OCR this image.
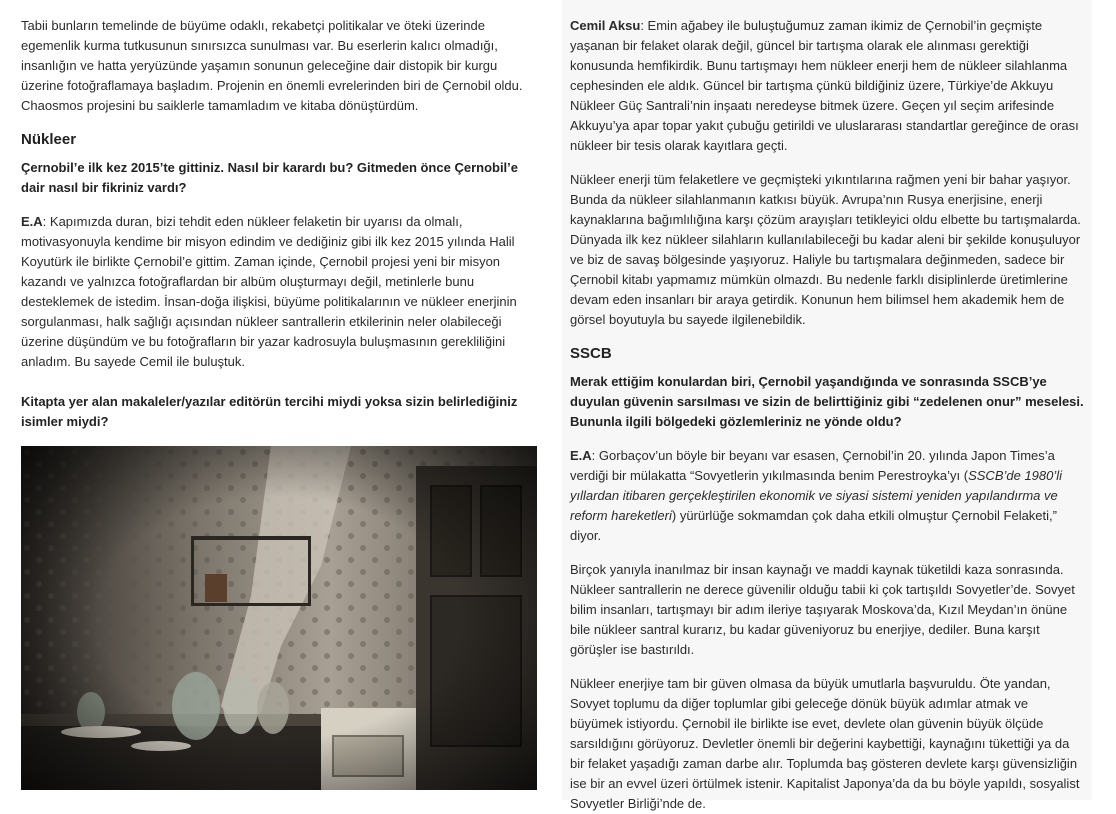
Tabii bunların temelinde de büyüme odaklı, rekabetçi politikalar ve öteki üzerinde egemenlik kurma tutkusunun sınırsızca sunulması var. Bu eserlerin kalıcı olmadığı, insanlığın ve hatta yeryüzünde yaşamın sonunun geleceğine dair distopik bir kurgu üzerine fotoğraflamaya başladım. Projenin en önemli evrelerinden biri de Çernobil oldu. Chaosmos projesini bu saiklerle tamamladım ve kitaba dönüştürdüm.

Nükleer

Çernobil’e ilk kez 2015’te gittiniz. Nasıl bir karardı bu? Gitmeden önce Çernobil’e dair nasıl bir fikriniz vardı?

E.A: Kapımızda duran, bizi tehdit eden nükleer felaketin bir uyarısı da olmalı, motivasyonuyla kendime bir misyon edindim ve dediğiniz gibi ilk kez 2015 yılında Halil Koyutürk ile birlikte Çernobil’e gittim. Zaman içinde, Çernobil projesi yeni bir misyon kazandı ve yalnızca fotoğraflardan bir albüm oluşturmayı değil, metinlerle bunu desteklemek de istedim. İnsan-doğa ilişkisi, büyüme politikalarının ve nükleer enerjinin sorgulanması, halk sağlığı açısından nükleer santrallerin etkilerinin neler olabileceği üzerine düşündüm ve bu fotoğrafların bir yazar kadrosuyla buluşmasının gerekliliğini anladım. Bu sayede Cemil ile buluştuk.

Kitapta yer alan makaleler/yazılar editörün tercihi miydi yoksa sizin belirlediğiniz isimler miydi?

Cemil Aksu: Emin ağabey ile buluştuğumuz zaman ikimiz de Çernobil’in geçmişte yaşanan bir felaket olarak değil, güncel bir tartışma olarak ele alınması gerektiği konusunda hemfikirdik. Bunu tartışmayı hem nükleer enerji hem de nükleer silahlanma cephesinden ele aldık. Güncel bir tartışma çünkü bildiğiniz üzere, Türkiye’de Akkuyu Nükleer Güç Santrali’nin inşaatı neredeyse bitmek üzere. Geçen yıl seçim arifesinde Akkuyu’ya apar topar yakıt çubuğu getirildi ve uluslararası standartlar gereğince de orası nükleer bir tesis olarak kayıtlara geçti.

Nükleer enerji tüm felaketlere ve geçmişteki yıkıntılarına rağmen yeni bir bahar yaşıyor. Bunda da nükleer silahlanmanın katkısı büyük. Avrupa’nın Rusya enerjisine, enerji kaynaklarına bağımlılığına karşı çözüm arayışları tetikleyici oldu elbette bu tartışmalarda. Dünyada ilk kez nükleer silahların kullanılabileceği bu kadar aleni bir şekilde konuşuluyor ve biz de savaş bölgesinde yaşıyoruz. Haliyle bu tartışmalara değinmeden, sadece bir Çernobil kitabı yapmamız mümkün olmazdı. Bu nedenle farklı disiplinlerde üretimlerine devam eden insanları bir araya getirdik. Konunun hem bilimsel hem akademik hem de görsel boyutuyla bu sayede ilgilenebildik.

SSCB

Merak ettiğim konulardan biri, Çernobil yaşandığında ve sonrasında SSCB’ye duyulan güvenin sarsılması ve sizin de belirttiğiniz gibi “zedelenen onur” meselesi. Bununla ilgili bölgedeki gözlemleriniz ne yönde oldu?

E.A: Gorbaçov’un böyle bir beyanı var esasen, Çernobil’in 20. yılında Japon Times’a verdiği bir mülakatta “Sovyetlerin yıkılmasında benim Perestroyka’yı (SSCB’de 1980’li yıllardan itibaren gerçekleştirilen ekonomik ve siyasi sistemi yeniden yapılandırma ve reform hareketleri) yürürlüğe sokmamdan çok daha etkili olmuştur Çernobil Felaketi,” diyor.

Birçok yanıyla inanılmaz bir insan kaynağı ve maddi kaynak tüketildi kaza sonrasında. Nükleer santrallerin ne derece güvenilir olduğu tabii ki çok tartışıldı Sovyetler’de. Sovyet bilim insanları, tartışmayı bir adım ileriye taşıyarak Moskova’da, Kızıl Meydan’ın önüne bile nükleer santral kurarız, bu kadar güveniyoruz bu enerjiye, dediler. Buna karşıt görüşler ise bastırıldı.

Nükleer enerjiye tam bir güven olmasa da büyük umutlarla başvuruldu. Öte yandan, Sovyet toplumu da diğer toplumlar gibi geleceğe dönük büyük adımlar atmak ve büyümek istiyordu. Çernobil ile birlikte ise evet, devlete olan güvenin büyük ölçüde sarsıldığını görüyoruz. Devletler önemli bir değerini kaybettiği, kaynağını tükettiği ya da bir felaket yaşadığı zaman darbe alır. Toplumda baş gösteren devlete karşı güvensizliğin ise bir an evvel üzeri örtülmek istenir. Kapitalist Japonya’da da bu böyle yapıldı, sosyalist Sovyetler Birliği’nde de.
